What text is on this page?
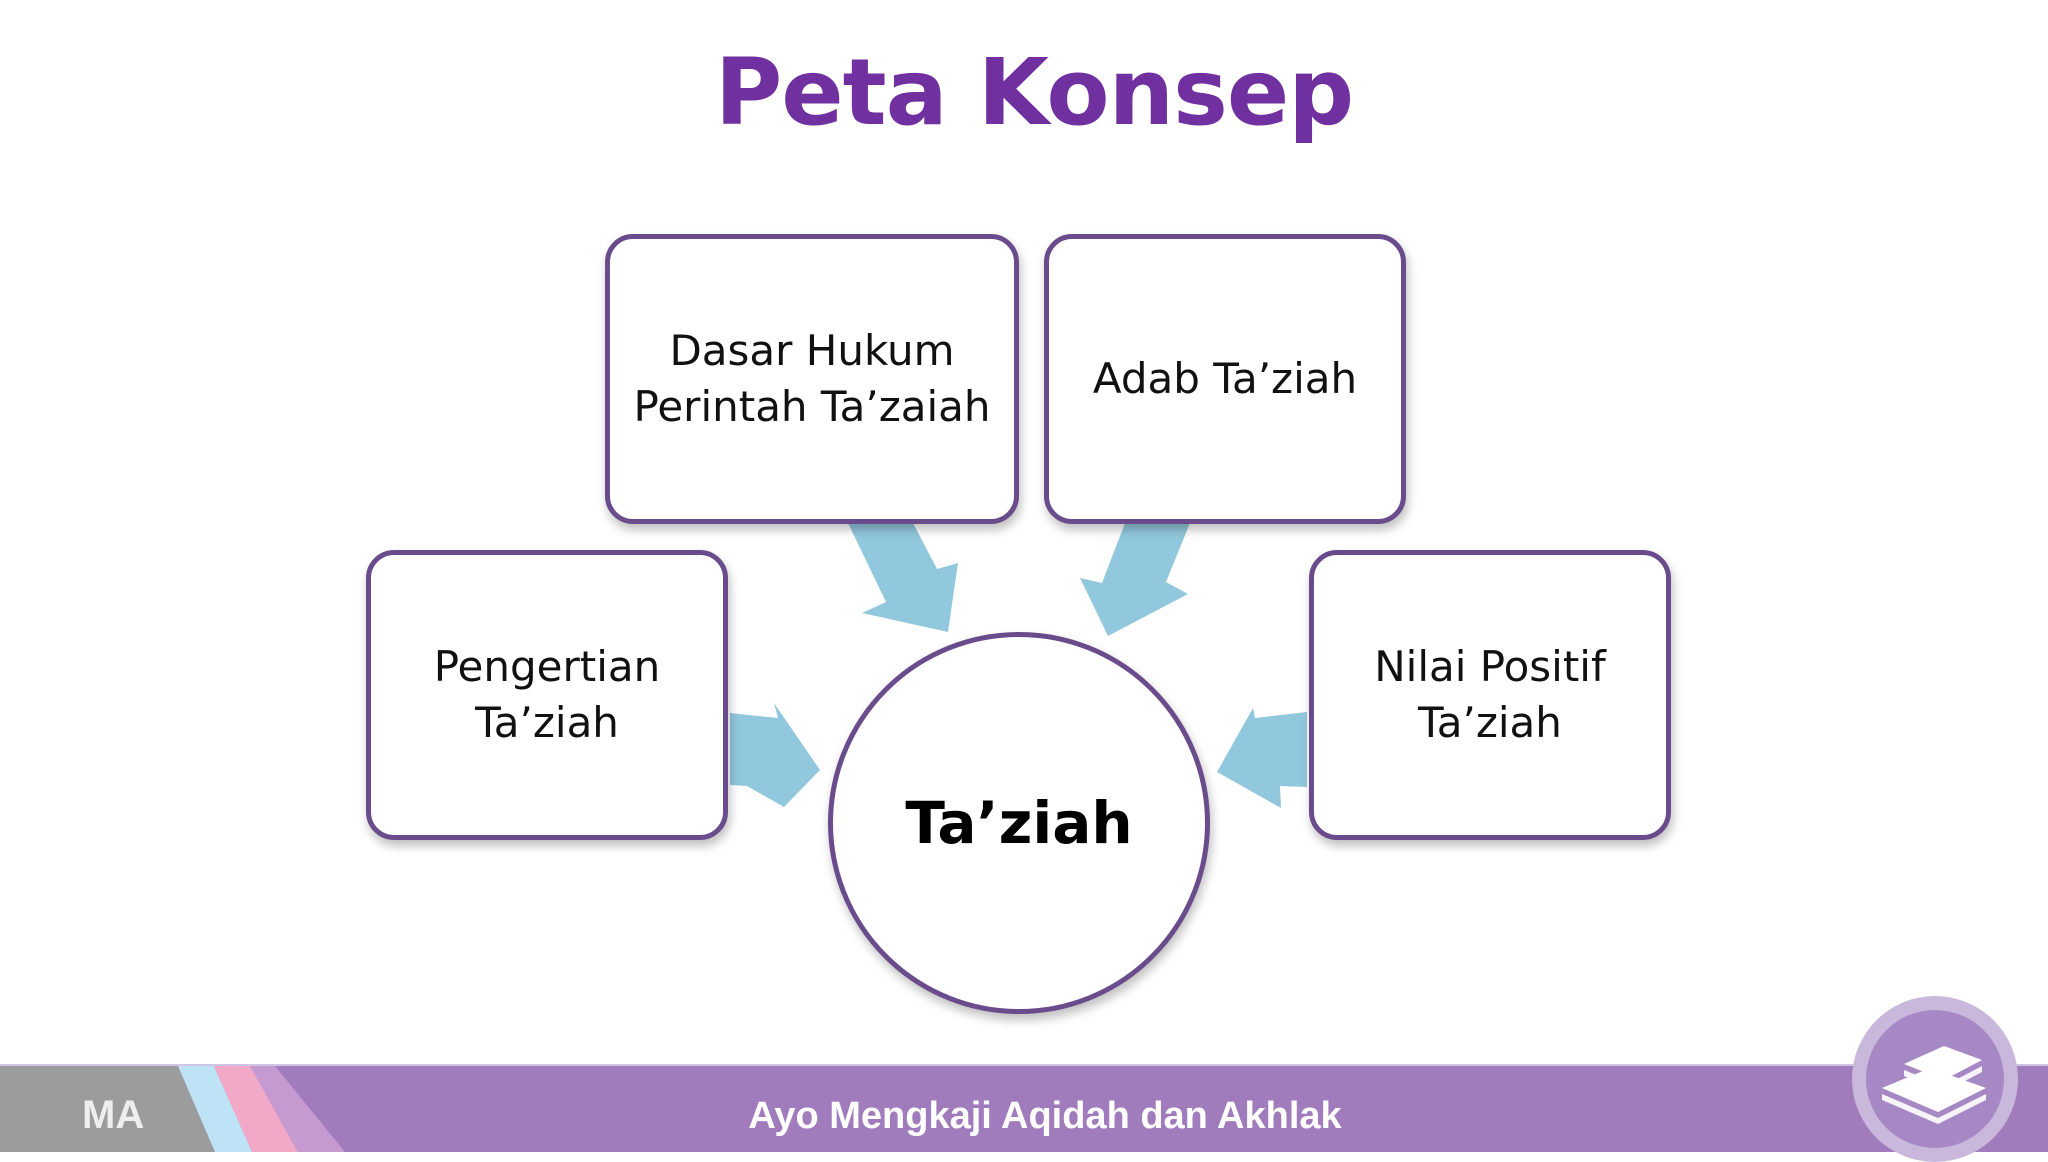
Peta Konsep
Dasar Hukum
Perintah Ta’zaiah
Adab Ta’ziah
Pengertian
Ta’ziah
Nilai Positif
Ta’ziah
Ta’ziah
MA	Ayo Mengkaji Aqidah dan Akhlak
